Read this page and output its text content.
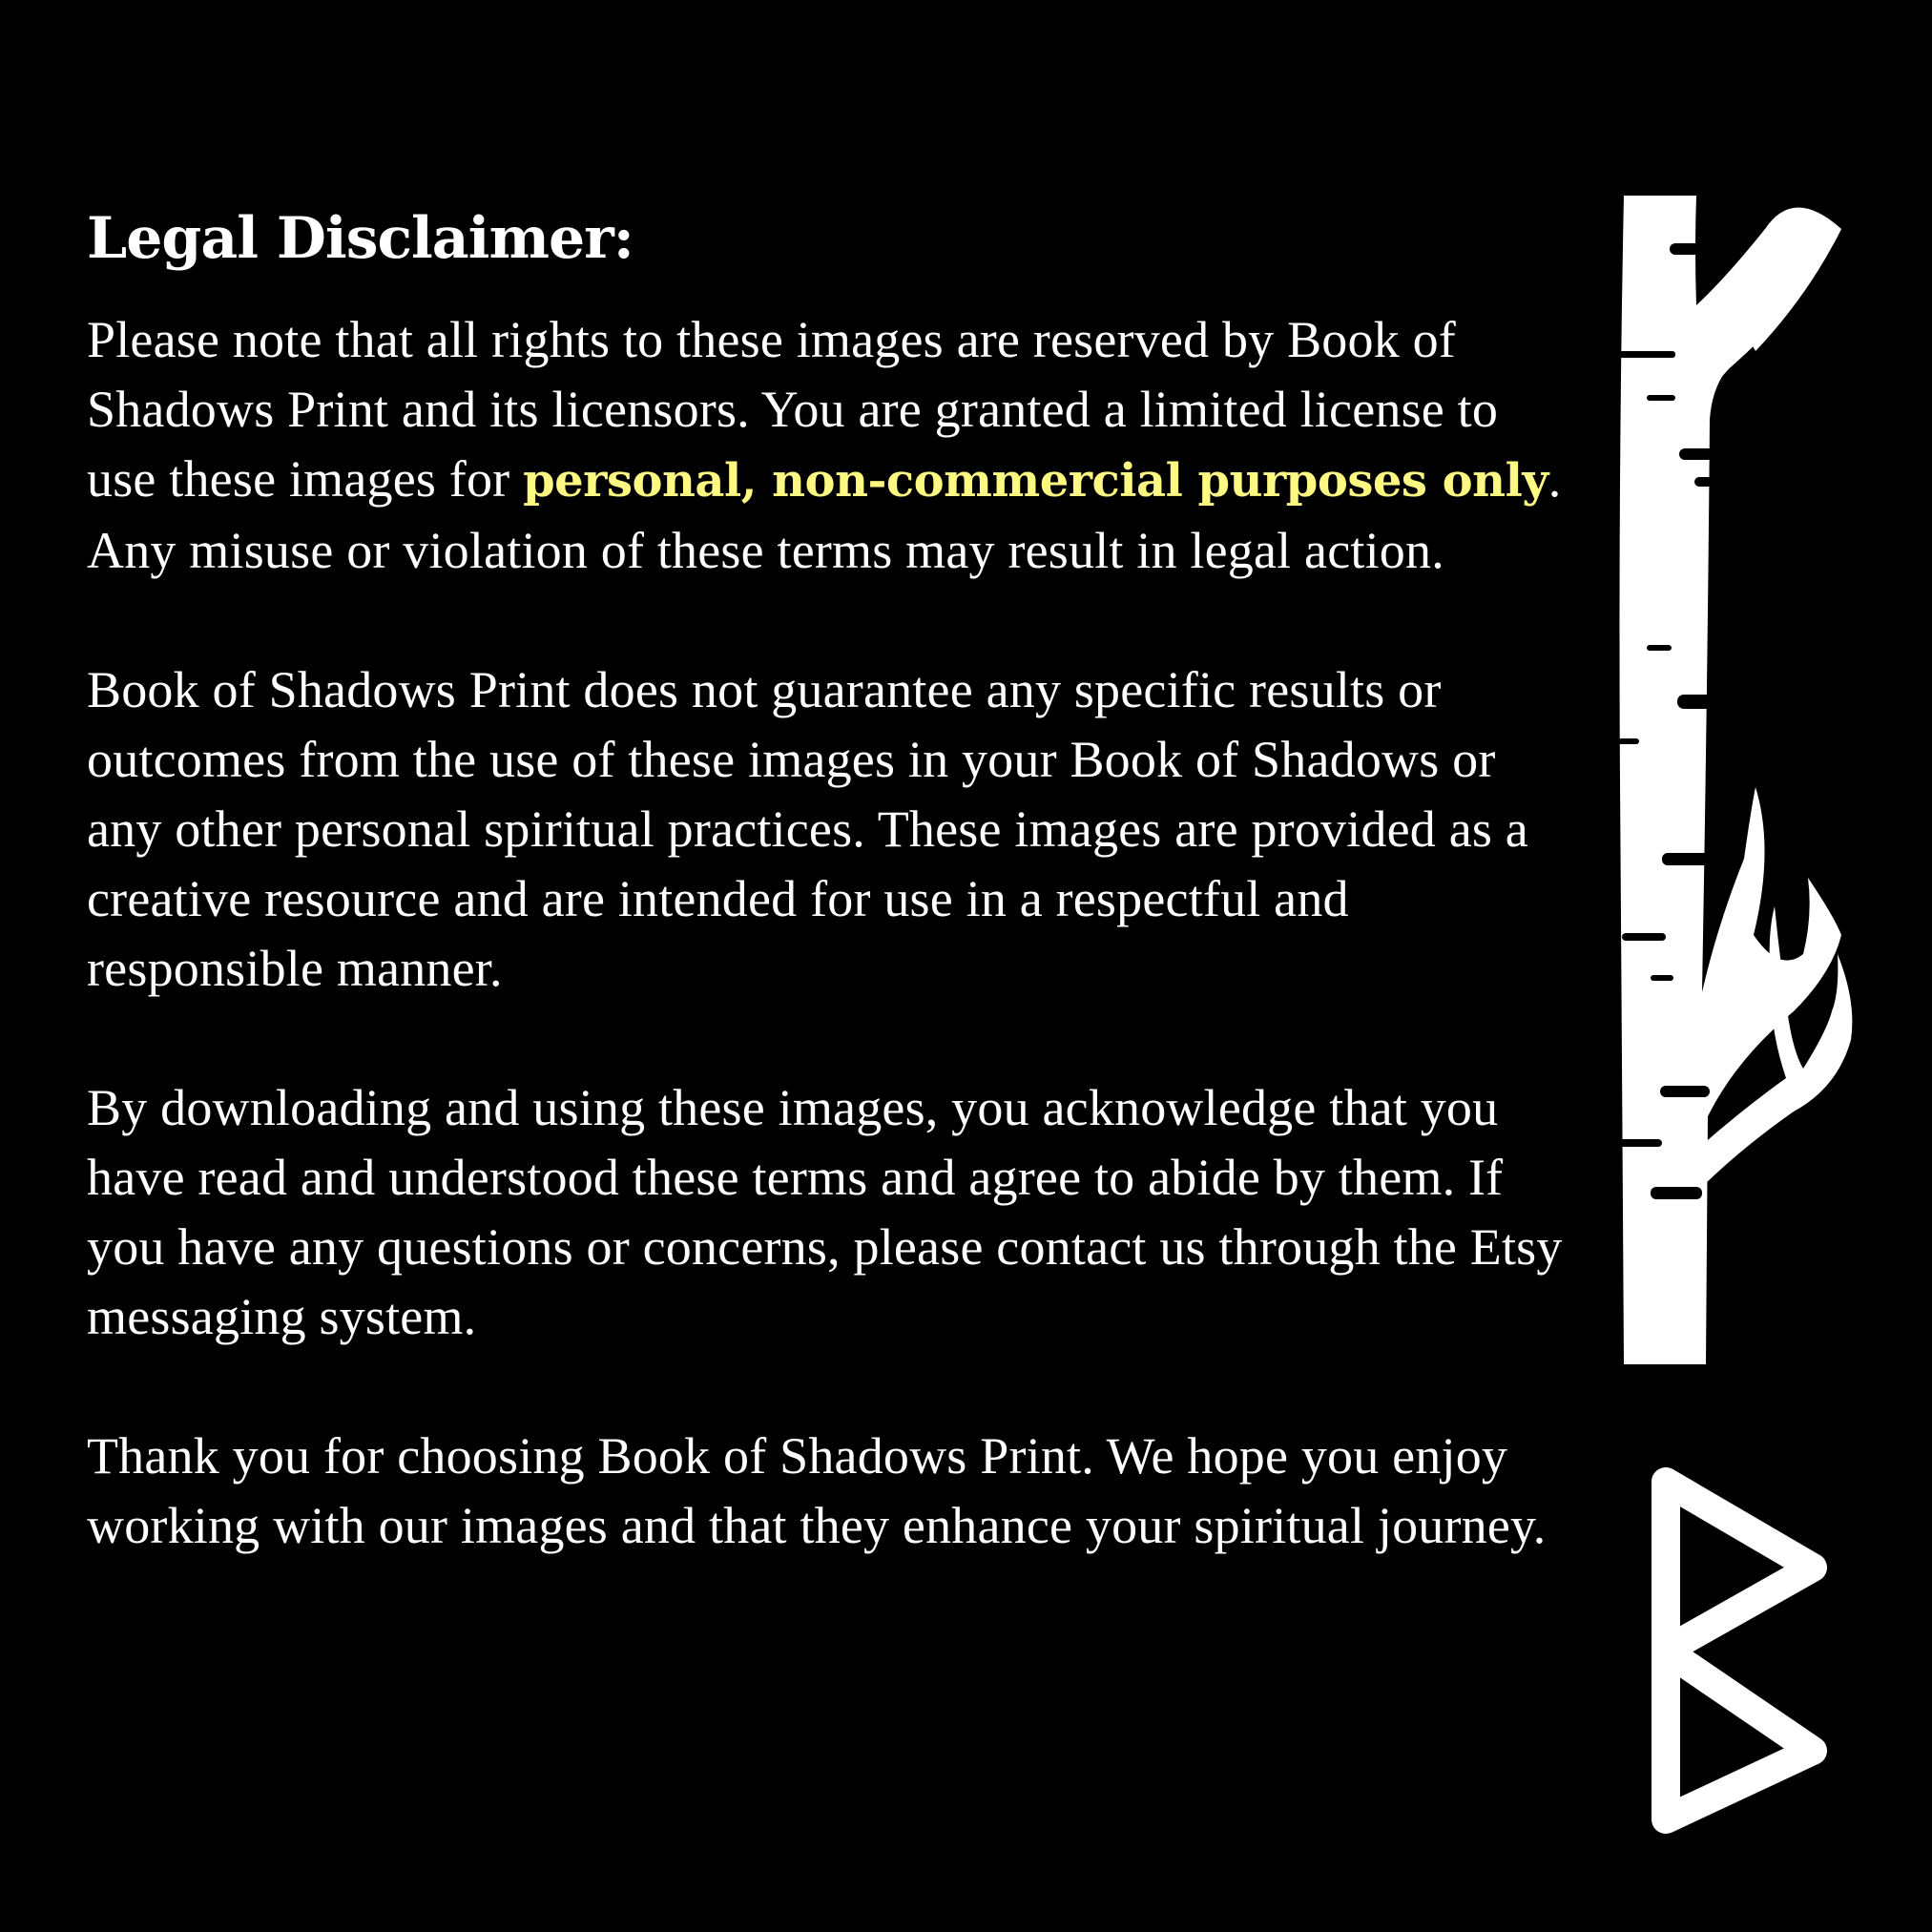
Legal Disclaimer:

Please note that all rights to these images are reserved by Book of Shadows Print and its licensors. You are granted a limited license to use these images for personal, non-commercial purposes only. Any misuse or violation of these terms may result in legal action.

Book of Shadows Print does not guarantee any specific results or outcomes from the use of these images in your Book of Shadows or any other personal spiritual practices. These images are provided as a creative resource and are intended for use in a respectful and responsible manner.

By downloading and using these images, you acknowledge that you have read and understood these terms and agree to abide by them. If you have any questions or concerns, please contact us through the Etsy messaging system.

Thank you for choosing Book of Shadows Print. We hope you enjoy working with our images and that they enhance your spiritual journey.
